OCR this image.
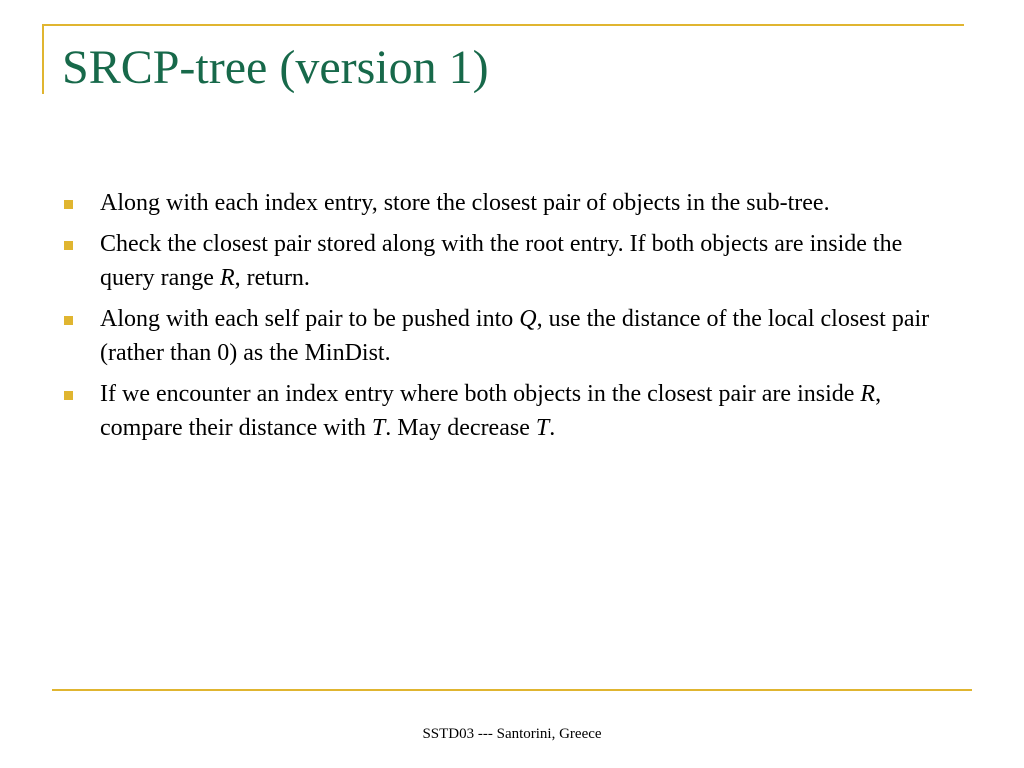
SRCP-tree (version 1)
Along with each index entry, store the closest pair of objects in the sub-tree.
Check the closest pair stored along with the root entry. If both objects are inside the query range R, return.
Along with each self pair to be pushed into Q, use the distance of the local closest pair (rather than 0) as the MinDist.
If we encounter an index entry where both objects in the closest pair are inside R, compare their distance with T. May decrease T.
SSTD03 --- Santorini, Greece
